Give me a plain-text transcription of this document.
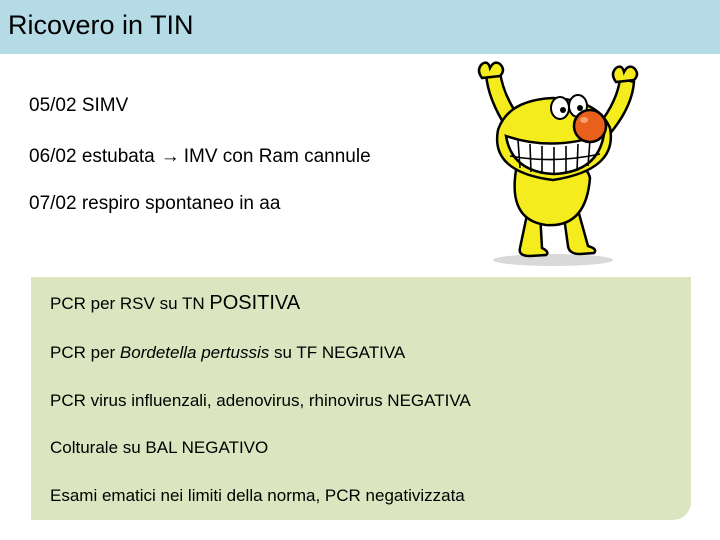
Ricovero in TIN
05/02 SIMV
06/02 estubata → IMV con Ram cannule
07/02 respiro spontaneo in aa
PCR per RSV su TN POSITIVA
PCR per Bordetella pertussis su TF NEGATIVA
PCR virus influenzali, adenovirus, rhinovirus NEGATIVA
Colturale su BAL NEGATIVO
Esami ematici nei limiti della norma, PCR negativizzata
